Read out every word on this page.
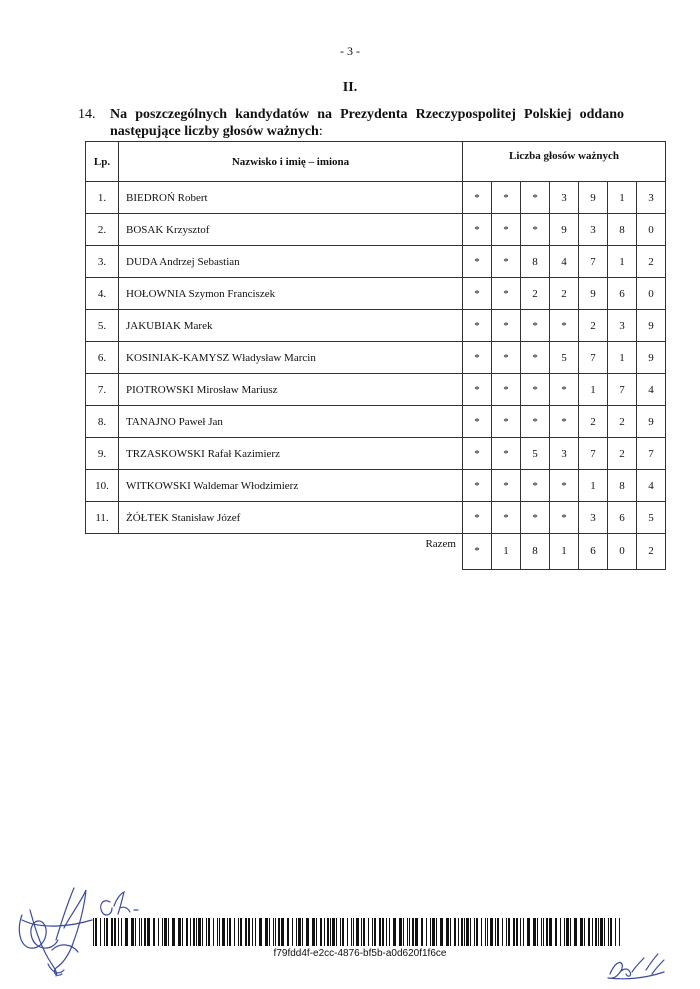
- 3 -
II.
14. Na poszczególnych kandydatów na Prezydenta Rzeczypospolitej Polskiej oddano następujące liczby głosów ważnych:
Lp.	Nazwisko i imię – imiona	Liczba głosów ważnych						
1.	BIEDROŃ Robert	*	*	*	3	9	1	3
2.	BOSAK Krzysztof	*	*	*	9	3	8	0
3.	DUDA Andrzej Sebastian	*	*	8	4	7	1	2
4.	HOŁOWNIA Szymon Franciszek	*	*	2	2	9	6	0
5.	JAKUBIAK Marek	*	*	*	*	2	3	9
6.	KOSINIAK-KAMYSZ Władysław Marcin	*	*	*	5	7	1	9
7.	PIOTROWSKI Mirosław Mariusz	*	*	*	*	1	7	4
8.	TANAJNO Paweł Jan	*	*	*	*	2	2	9
9.	TRZASKOWSKI Rafał Kazimierz	*	*	5	3	7	2	7
10.	WITKOWSKI Waldemar Włodzimierz	*	*	*	*	1	8	4
11.	ŻÓŁTEK Stanisław Józef	*	*	*	*	3	6	5
Razem		*	1	8	1	6	0	2
f79fdd4f-e2cc-4876-bf5b-a0d620f1f6ce
